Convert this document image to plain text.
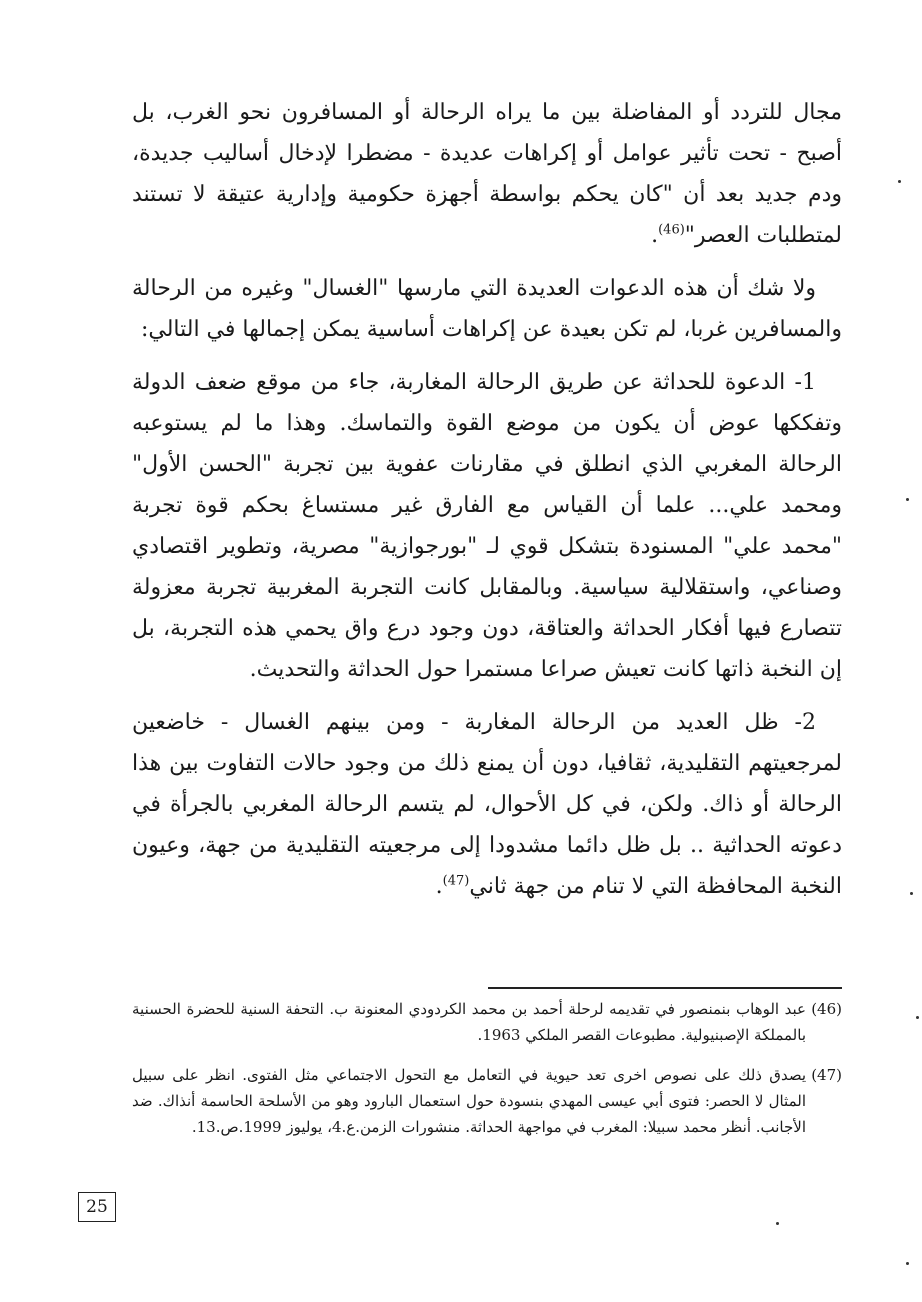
مجال للتردد أو المفاضلة بين ما يراه الرحالة أو المسافرون نحو الغرب، بل أصبح - تحت تأثير عوامل أو إكراهات عديدة - مضطرا لإدخال أساليب جديدة، ودم جديد بعد أن "كان يحكم بواسطة أجهزة حكومية وإدارية عتيقة لا تستند لمتطلبات العصر"$^{(46)}$.

ولا شك أن هذه الدعوات العديدة التي مارسها "الغسال" وغيره من الرحالة والمسافرين غربا، لم تكن بعيدة عن إكراهات أساسية يمكن إجمالها في التالي:

1- الدعوة للحداثة عن طريق الرحالة المغاربة، جاء من موقع ضعف الدولة وتفككها عوض أن يكون من موضع القوة والتماسك. وهذا ما لم يستوعبه الرحالة المغربي الذي انطلق في مقارنات عفوية بين تجربة "الحسن الأول" ومحمد علي... علما أن القياس مع الفارق غير مستساغ بحكم قوة تجربة "محمد علي" المسنودة بتشكل قوي لـ "بورجوازية" مصرية، وتطوير اقتصادي وصناعي، واستقلالية سياسية. وبالمقابل كانت التجربة المغربية تجربة معزولة تتصارع فيها أفكار الحداثة والعتاقة، دون وجود درع واق يحمي هذه التجربة، بل إن النخبة ذاتها كانت تعيش صراعا مستمرا حول الحداثة والتحديث.

2- ظل العديد من الرحالة المغاربة - ومن بينهم الغسال - خاضعين لمرجعيتهم التقليدية، ثقافيا، دون أن يمنع ذلك من وجود حالات التفاوت بين هذا الرحالة أو ذاك. ولكن، في كل الأحوال، لم يتسم الرحالة المغربي بالجرأة في دعوته الحداثية .. بل ظل دائما مشدودا إلى مرجعيته التقليدية من جهة، وعيون النخبة المحافظة التي لا تنام من جهة ثاني$^{(47)}$.

(46)
عبد الوهاب بنمنصور في تقديمه لرحلة أحمد بن محمد الكردودي المعنونة ب. التحفة السنية للحضرة الحسنية بالمملكة الإصبنيولية. مطبوعات القصر الملكي 1963.
(47)
يصدق ذلك على نصوص اخرى تعد حيوية في التعامل مع التحول الاجتماعي مثل الفتوى. انظر على سبيل المثال لا الحصر: فتوى أبي عيسى المهدي بنسودة حول استعمال البارود وهو من الأسلحة الحاسمة أنذاك. ضد الأجانب. أنظر محمد سبيلا: المغرب في مواجهة الحداثة. منشورات الزمن.ع.4، يوليوز 1999.ص.13.
25
